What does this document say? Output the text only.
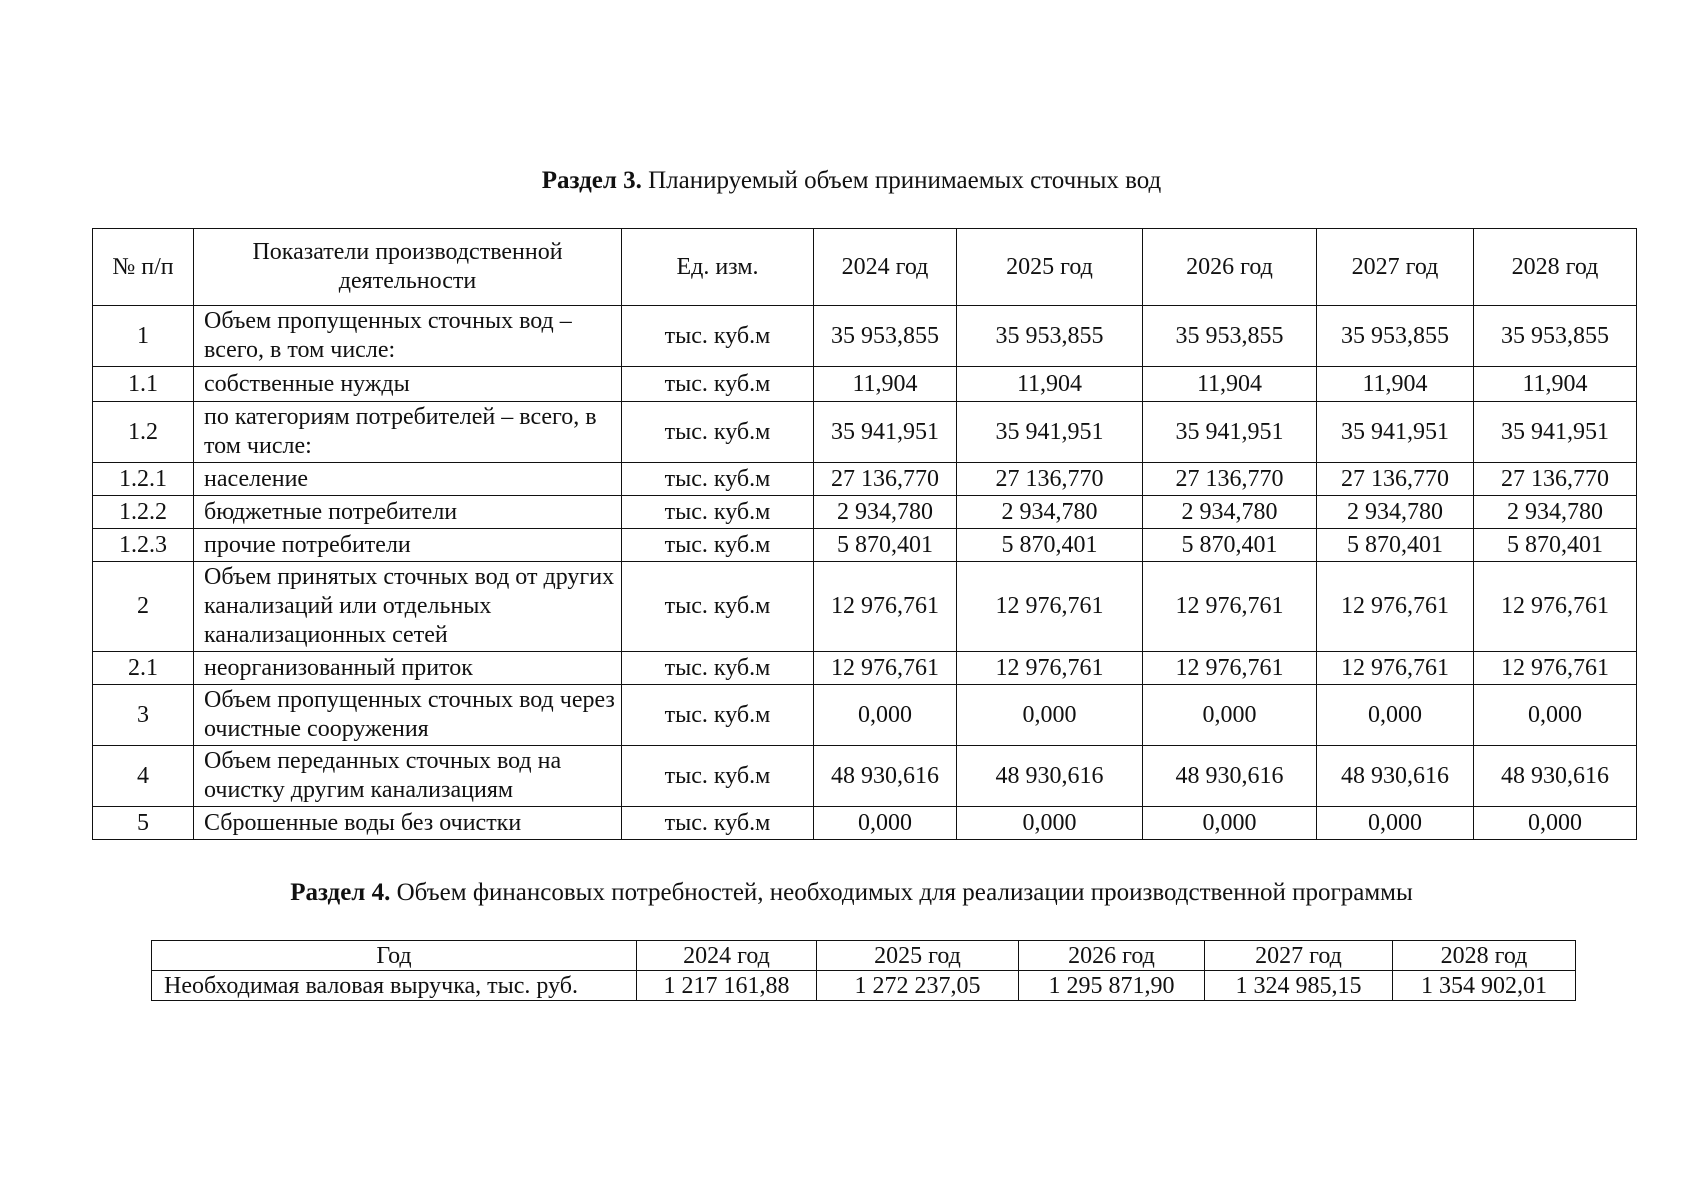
Раздел 3. Планируемый объем принимаемых сточных вод
№ п/п	Показатели производственной деятельности	Ед. изм.	2024 год	2025 год	2026 год	2027 год	2028 год
1	Объем пропущенных сточных вод – всего, в том числе:	тыс. куб.м	35 953,855	35 953,855	35 953,855	35 953,855	35 953,855
1.1	собственные нужды	тыс. куб.м	11,904	11,904	11,904	11,904	11,904
1.2	по категориям потребителей – всего, в том числе:	тыс. куб.м	35 941,951	35 941,951	35 941,951	35 941,951	35 941,951
1.2.1	население	тыс. куб.м	27 136,770	27 136,770	27 136,770	27 136,770	27 136,770
1.2.2	бюджетные потребители	тыс. куб.м	2 934,780	2 934,780	2 934,780	2 934,780	2 934,780
1.2.3	прочие потребители	тыс. куб.м	5 870,401	5 870,401	5 870,401	5 870,401	5 870,401
2	Объем принятых сточных вод от других канализаций или отдельных канализационных сетей	тыс. куб.м	12 976,761	12 976,761	12 976,761	12 976,761	12 976,761
2.1	неорганизованный приток	тыс. куб.м	12 976,761	12 976,761	12 976,761	12 976,761	12 976,761
3	Объем пропущенных сточных вод через очистные сооружения	тыс. куб.м	0,000	0,000	0,000	0,000	0,000
4	Объем переданных сточных вод на очистку другим канализациям	тыс. куб.м	48 930,616	48 930,616	48 930,616	48 930,616	48 930,616
5	Сброшенные воды без очистки	тыс. куб.м	0,000	0,000	0,000	0,000	0,000
Раздел 4. Объем финансовых потребностей, необходимых для реализации производственной программы
Год	2024 год	2025 год	2026 год	2027 год	2028 год
Необходимая валовая выручка, тыс. руб.	1 217 161,88	1 272 237,05	1 295 871,90	1 324 985,15	1 354 902,01
